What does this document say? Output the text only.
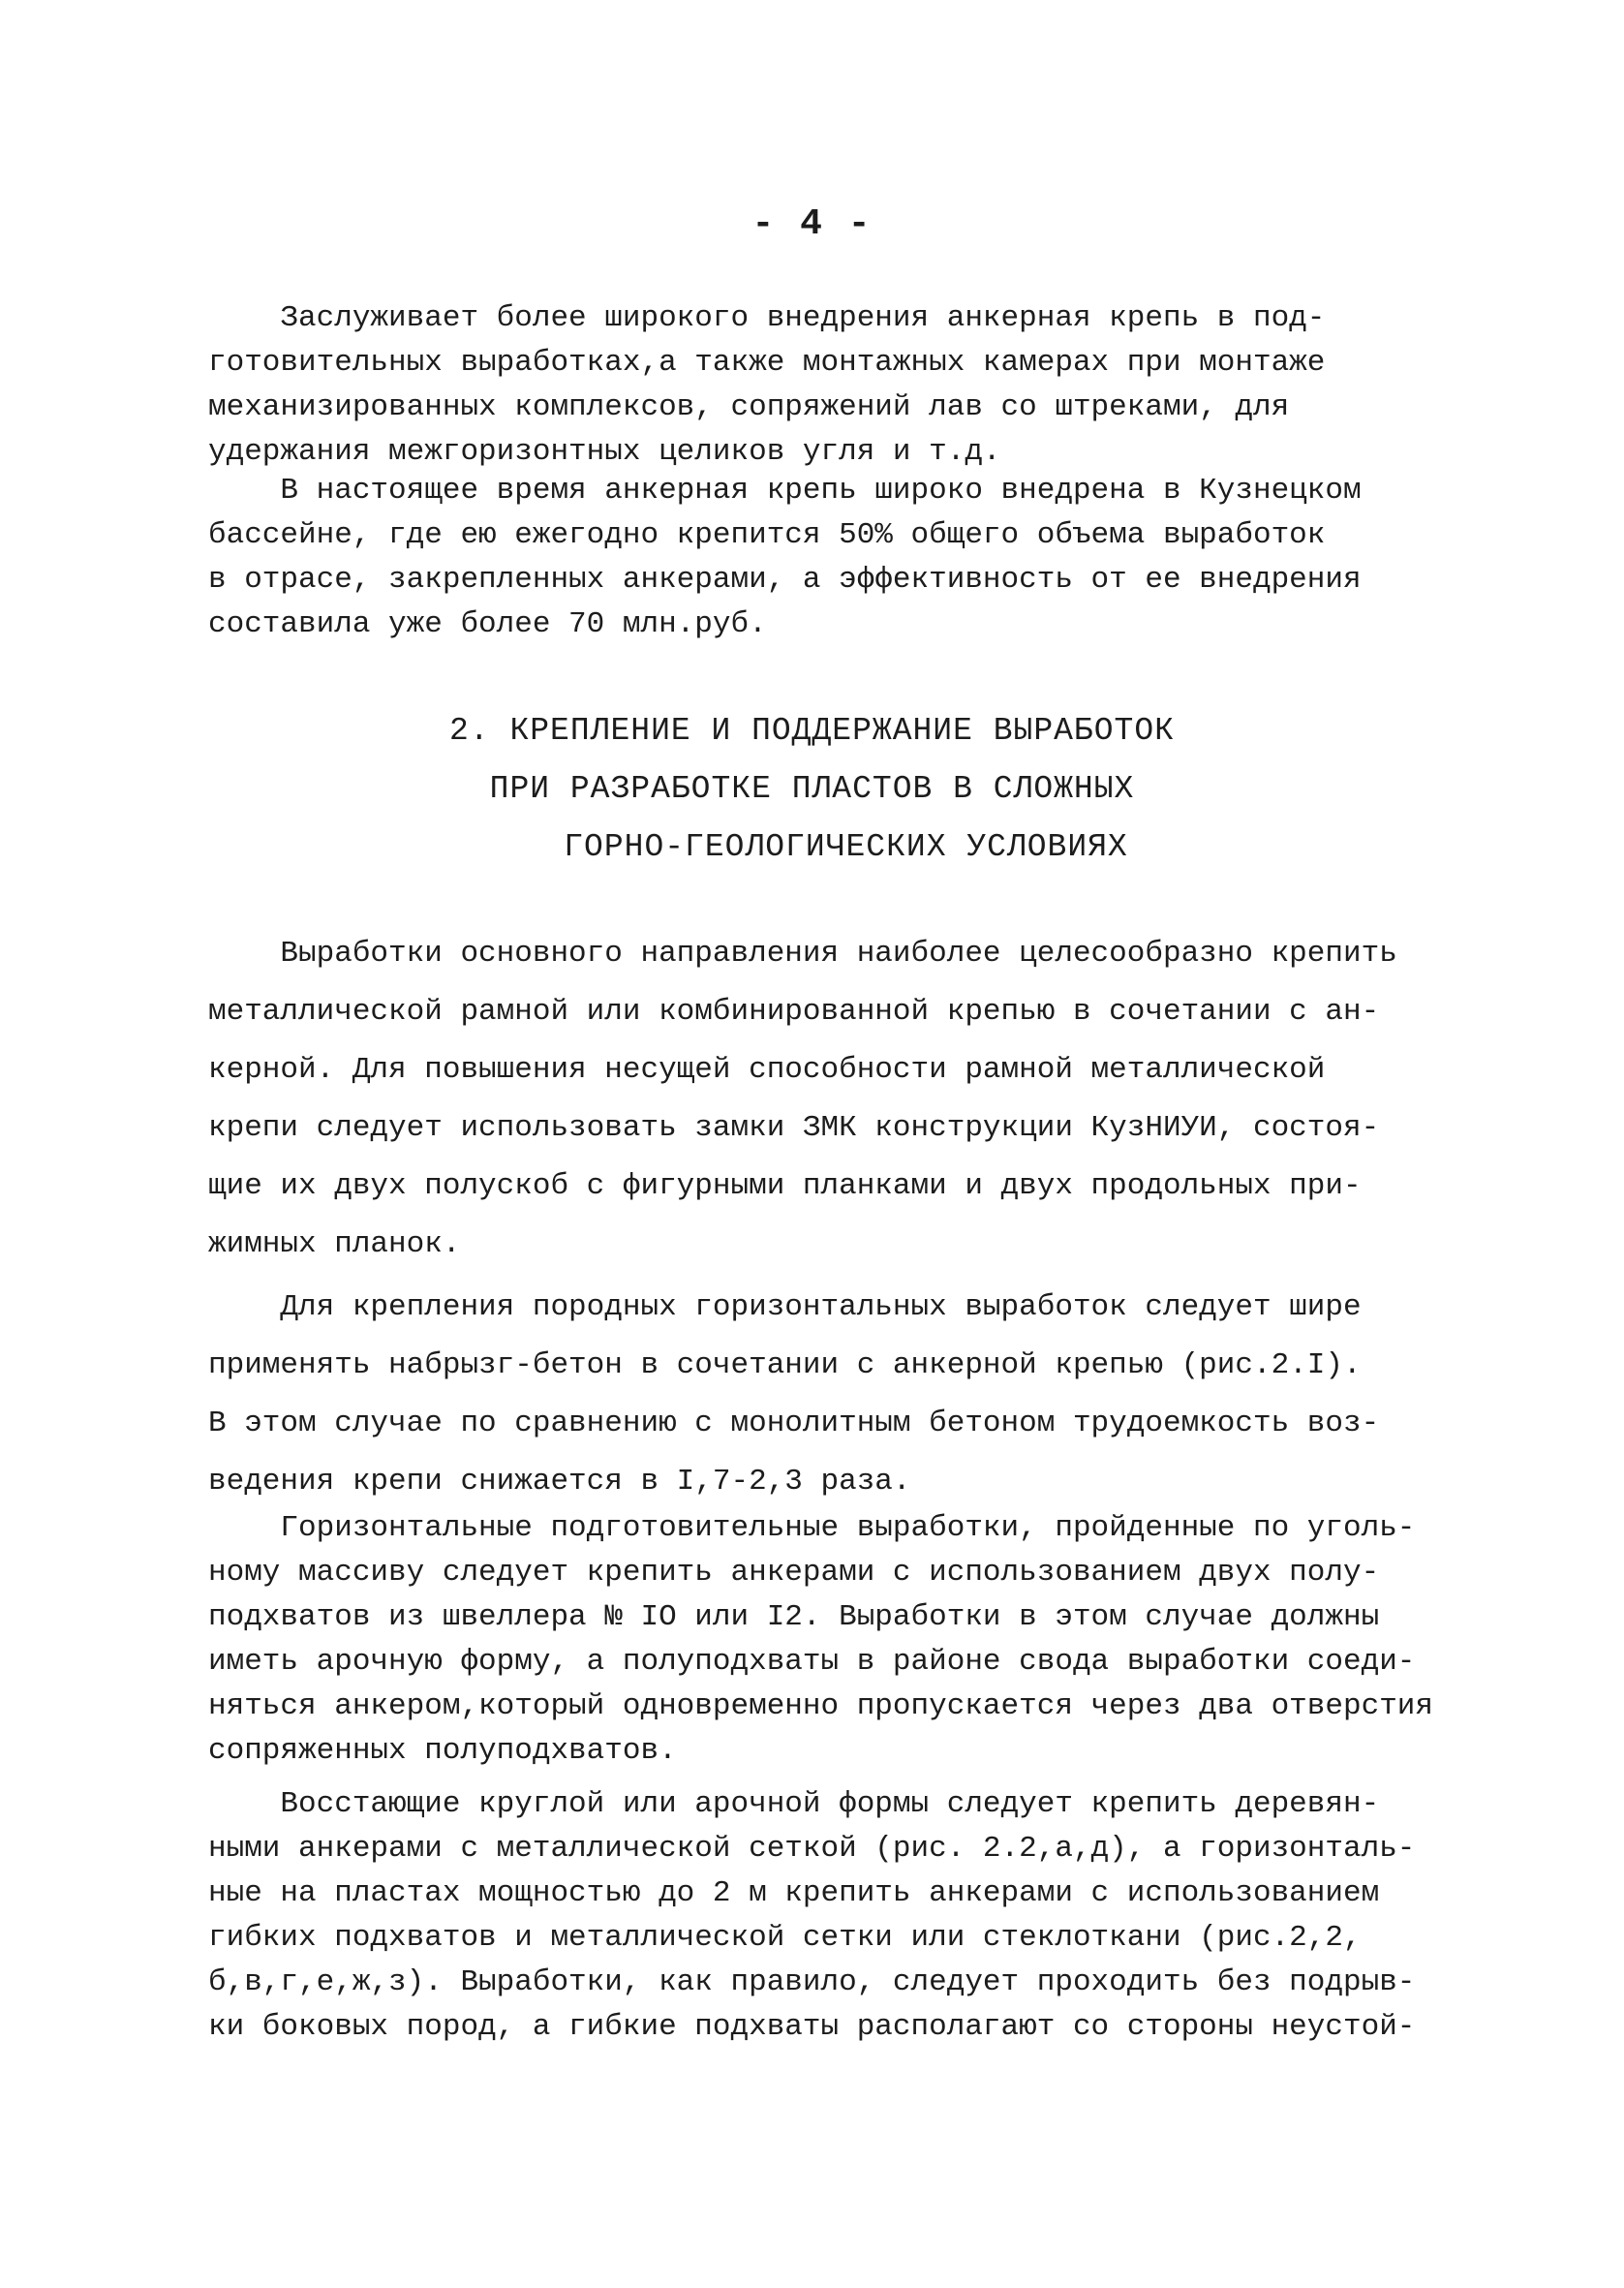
- 4 -
Заслуживает более широкого внедрения анкерная крепь в под-
готовительных выработках,а также монтажных камерах при монтаже
механизированных комплексов, сопряжений лав со штреками, для
удержания межгоризонтных целиков угля и т.д.
В настоящее время анкерная крепь широко внедрена в Кузнецком
бассейне, где ею ежегодно крепится 50% общего объема выработок
в отрасе, закрепленных анкерами, а эффективность от ее внедрения
составила уже более 70 млн.руб.
2. КРЕПЛЕНИЕ И ПОДДЕРЖАНИЕ ВЫРАБОТОК
ПРИ РАЗРАБОТКЕ ПЛАСТОВ В СЛОЖНЫХ
ГОРНО-ГЕОЛОГИЧЕСКИХ УСЛОВИЯХ
Выработки основного направления наиболее целесообразно крепить
металлической рамной или комбинированной крепью в сочетании с ан-
керной. Для повышения несущей способности рамной металлической
крепи следует использовать замки ЗМК конструкции КузНИУИ, состоя-
щие их двух полускоб с фигурными планками и двух продольных при-
жимных планок.
Для крепления породных горизонтальных выработок следует шире
применять набрызг-бетон в сочетании с анкерной крепью (рис.2.I).
В этом случае по сравнению с монолитным бетоном трудоемкость воз-
ведения крепи снижается в I,7-2,3 раза.
Горизонтальные подготовительные выработки, пройденные по уголь-
ному массиву следует крепить анкерами с использованием двух полу-
подхватов из швеллера № IO или I2. Выработки в этом случае должны
иметь арочную форму, а полуподхваты в районе свода выработки соеди-
няться анкером,который одновременно пропускается через два отверстия
сопряженных полуподхватов.
Восстающие круглой или арочной формы следует крепить деревян-
ными анкерами с металлической сеткой (рис. 2.2,а,д), а горизонталь-
ные на пластах мощностью до 2 м крепить анкерами с использованием
гибких подхватов и металлической сетки или стеклоткани (рис.2,2,
б,в,г,е,ж,з). Выработки, как правило, следует проходить без подрыв-
ки боковых пород, а гибкие подхваты располагают со стороны неустой-
